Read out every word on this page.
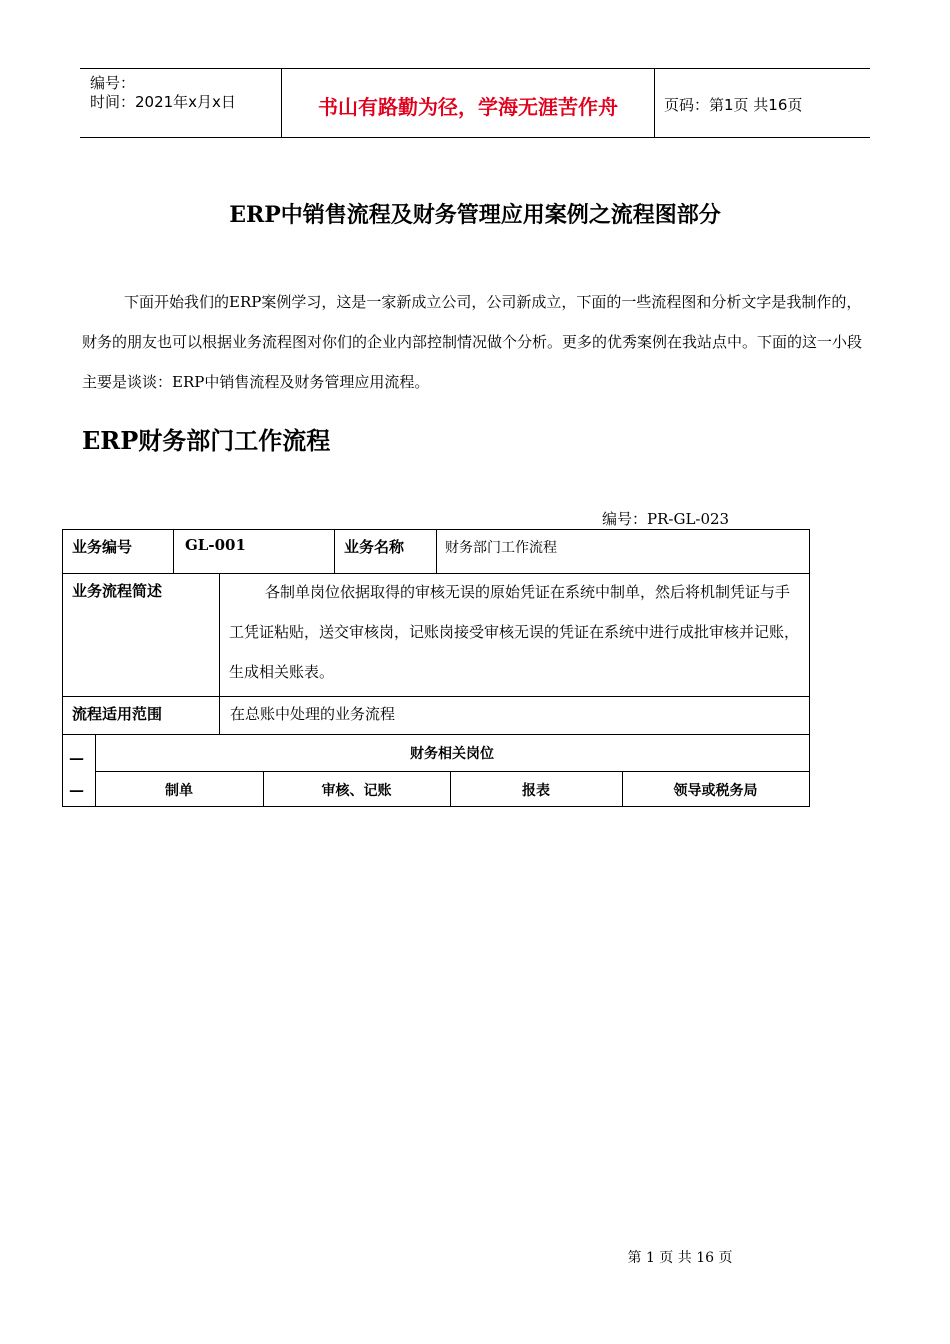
编号：
时间：2021年x月x日	书山有路勤为径，学海无涯苦作舟	页码：第1页 共16页
ERP中销售流程及财务管理应用案例之流程图部分

下面开始我们的ERP案例学习，这是一家新成立公司，公司新成立，下面的一些流程图和分析文字是我制作的，财务的朋友也可以根据业务流程图对你们的企业内部控制情况做个分析。更多的优秀案例在我站点中。下面的这一小段主要是谈谈：ERP中销售流程及财务管理应用流程。

ERP财务部门工作流程
编号：PR-GL-023
业务编号	GL-001	业务名称	财务部门工作流程
业务流程简述	各制单岗位依据取得的审核无误的原始凭证在系统中制单，然后将机制凭证与手工凭证粘贴，送交审核岗，记账岗接受审核无误的凭证在系统中进行成批审核并记账，生成相关账表。

流程适用范围	在总账中处理的业务流程
—
—
财务相关岗位
制单	审核、记账	报表	领导或税务局
第 1 页 共 16 页
